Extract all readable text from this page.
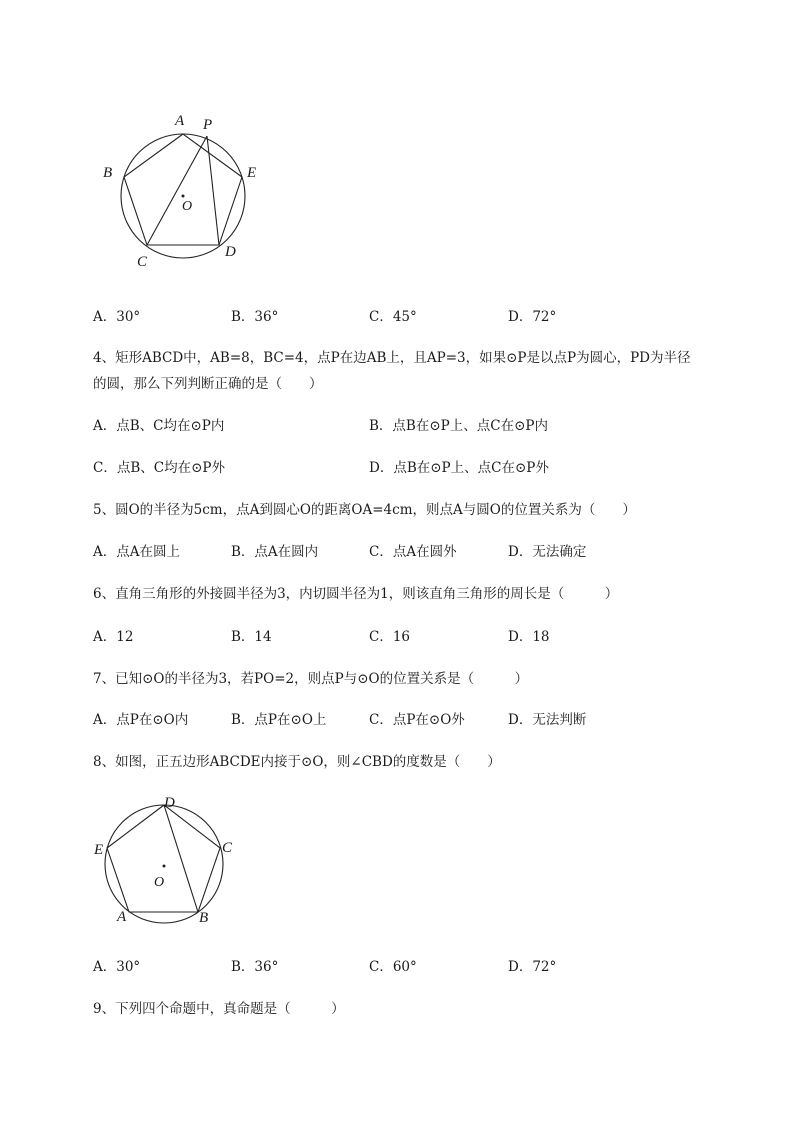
A P
B	E
O
C
D
A．30°	B．36°	C．45°	D．72°
4、矩形ABCD中，AB=8，BC=4，点P在边AB上，且AP=3，如果⊙P是以点P为圆心，PD为半径
的圆，那么下列判断正确的是（　　）
A．点B、C均在⊙P内	B．点B在⊙P上、点C在⊙P内
C．点B、C均在⊙P外	D．点B在⊙P上、点C在⊙P外
5、圆O的半径为5cm，点A到圆心O的距离OA=4cm，则点A与圆O的位置关系为（　　）
A．点A在圆上	B．点A在圆内	C．点A在圆外	D．无法确定
6、直角三角形的外接圆半径为3，内切圆半径为1，则该直角三角形的周长是（　　　）
A．12	B．14	C．16	D．18
7、已知⊙O的半径为3，若PO=2，则点P与⊙O的位置关系是（　　　）
A．点P在⊙O内	B．点P在⊙O上	C．点P在⊙O外	D．无法判断
8、如图，正五边形ABCDE内接于⊙O，则∠CBD的度数是（　　）
D
E	C
O
A	B
A．30°	B．36°	C．60°	D．72°
9、下列四个命题中，真命题是（　　　）
